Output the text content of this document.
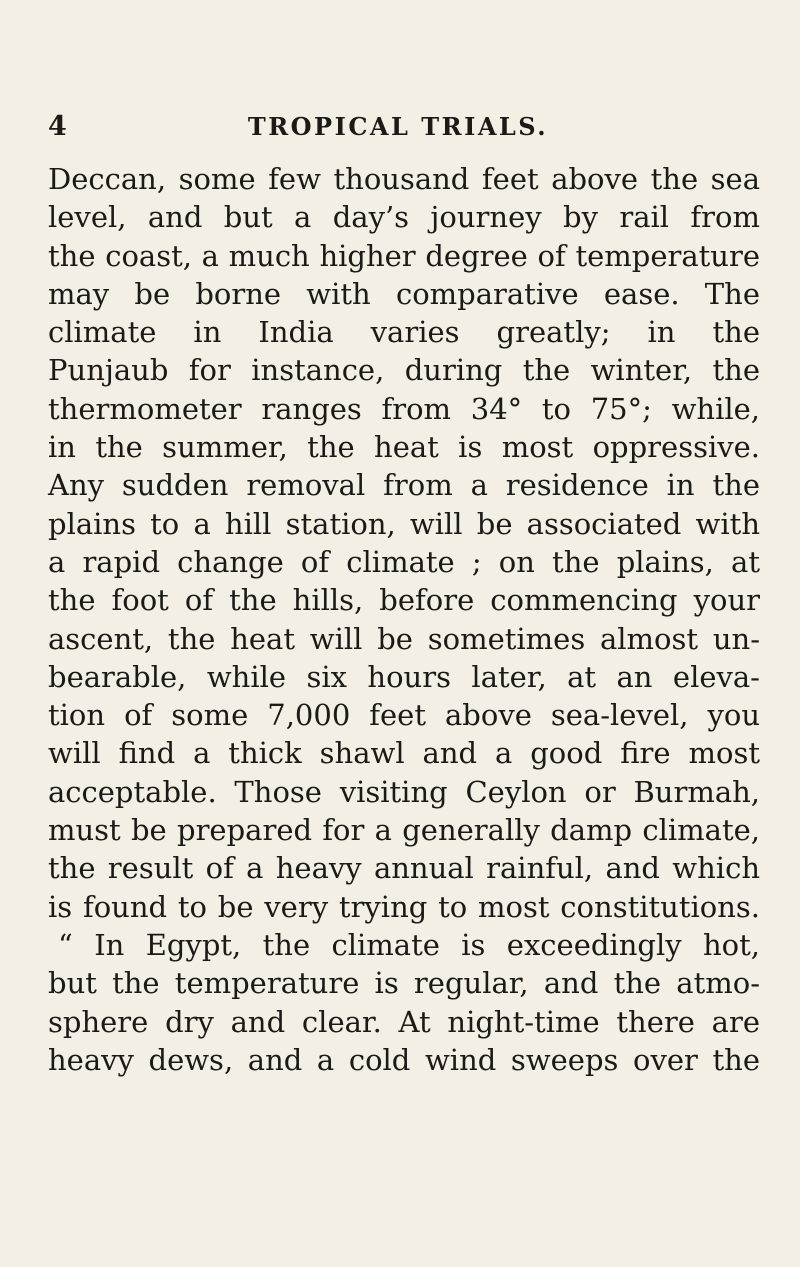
4	TROPICAL TRIALS.
Deccan, some few thousand feet above the sea
level, and but a day’s journey by rail from
the coast, a much higher degree of temperature
may be borne with comparative ease. The
climate in India varies greatly; in the
Punjaub for instance, during the winter, the
thermometer ranges from 34° to 75°; while,
in the summer, the heat is most oppressive.
Any sudden removal from a residence in the
plains to a hill station, will be associated with
a rapid change of climate ; on the plains, at
the foot of the hills, before commencing your
ascent, the heat will be sometimes almost un-
bearable, while six hours later, at an eleva-
tion of some 7,000 feet above sea-level, you
will find a thick shawl and a good fire most
acceptable. Those visiting Ceylon or Burmah,
must be prepared for a generally damp climate,
the result of a heavy annual rainful, and which
is found to be very trying to most constitutions.
“ In Egypt, the climate is exceedingly hot,
but the temperature is regular, and the atmo-
sphere dry and clear. At night-time there are
heavy dews, and a cold wind sweeps over the
